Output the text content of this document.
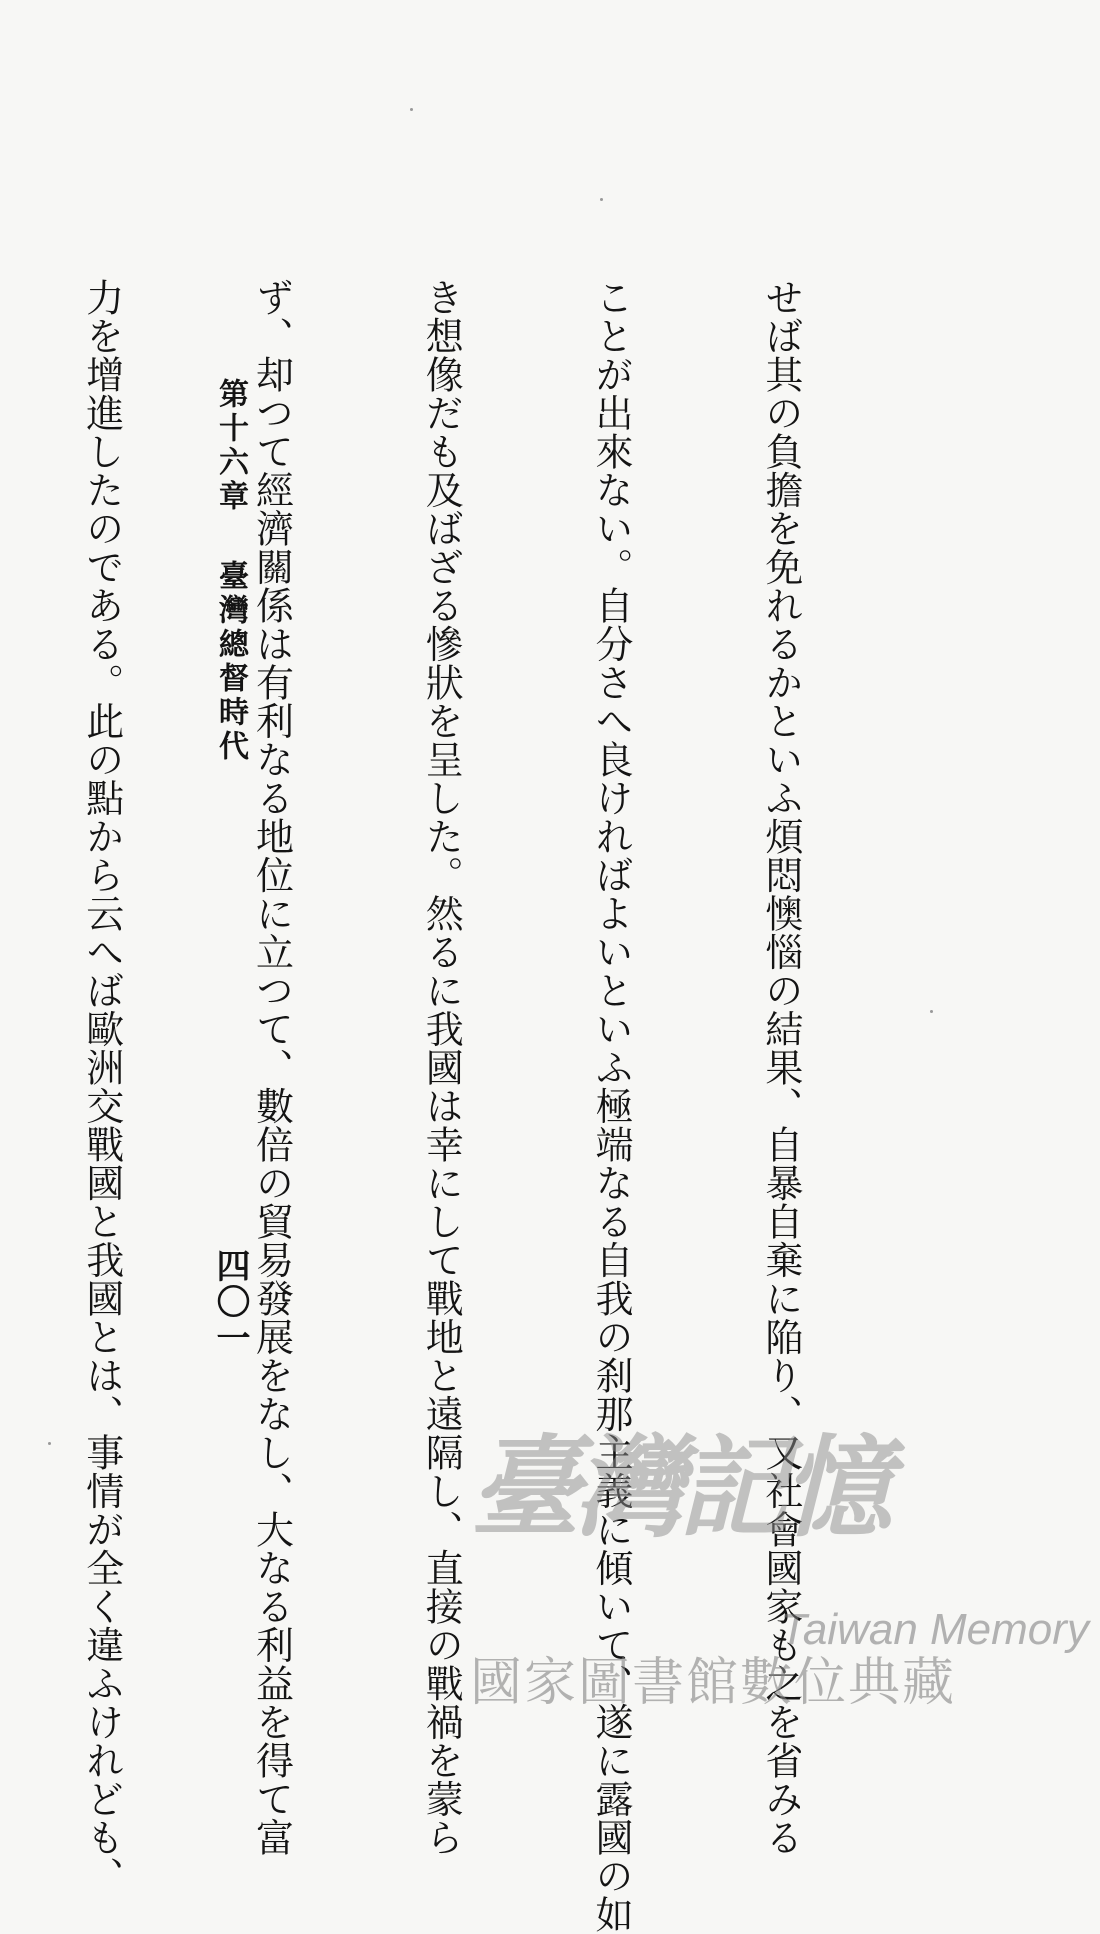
せば其の負擔を免れるかといふ煩悶懊惱の結果、自暴自棄に陥り、又社會國家も之を省みる

ことが出來ない。自分さへ良ければよいといふ極端なる自我の刹那主義に傾いて、遂に露國の如

き想像だも及ばざる慘狀を呈した。然るに我國は幸にして戰地と遠隔し、直接の戰禍を蒙ら

ず、却つて經濟關係は有利なる地位に立つて、數倍の貿易發展をなし、大なる利益を得て富

力を增進したのである。此の點から云へば歐洲交戰國と我國とは、事情が全く違ふけれども、

	第十六章臺灣總督時代
四〇一
臺灣記憶
Taiwan Memory
國家圖書館數位典藏
